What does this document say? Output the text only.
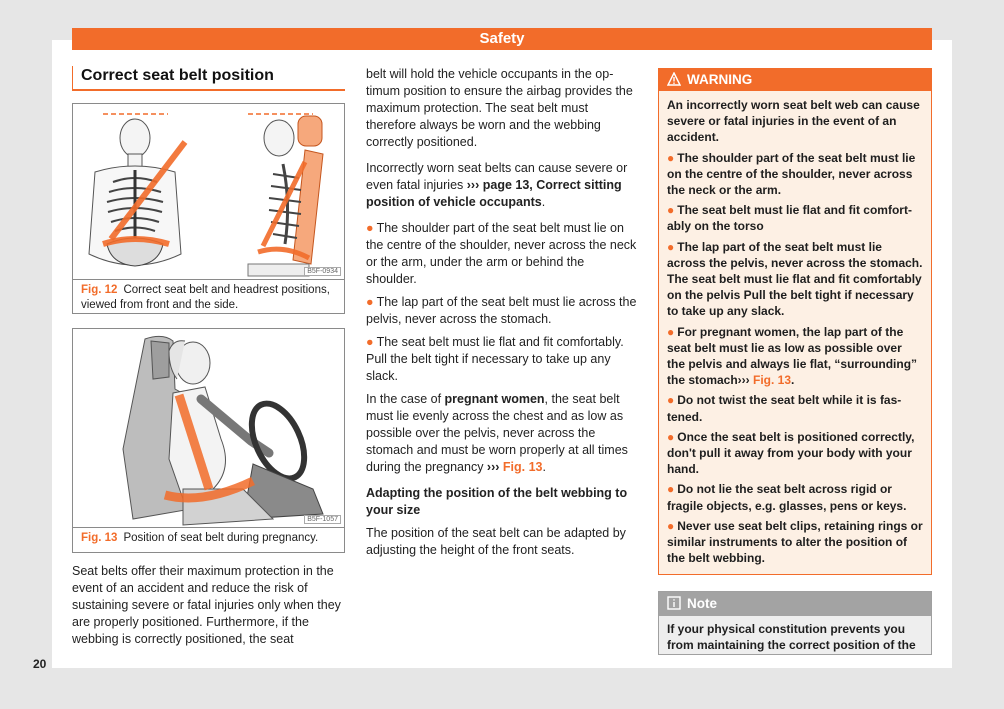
Safety
20
Correct seat belt position
B5F-0934
Fig. 12 Correct seat belt and headrest positions, viewed from front and the side.
B5F-1057
Fig. 13 Position of seat belt during pregnancy.
Seat belts offer their maximum protection in the event of an accident and reduce the risk of sustaining severe or fatal injuries only when they are properly positioned. Furthermore, if the webbing is correctly positioned, the seat

belt will hold the vehicle occupants in the optimum position to ensure the airbag provides the maximum protection. The seat belt must therefore always be worn and the webbing correctly positioned.

Incorrectly worn seat belts can cause severe or even fatal injuries ››› page 13, Correct sitting position of vehicle occupants.

● The shoulder part of the seat belt must lie on the centre of the shoulder, never across the neck or the arm, under the arm or behind the shoulder.

● The lap part of the seat belt must lie across the pelvis, never across the stomach.

● The seat belt must lie flat and fit comfortably. Pull the belt tight if necessary to take up any slack.

In the case of pregnant women, the seat belt must lie evenly across the chest and as low as possible over the pelvis, never across the stomach and must be worn properly at all times during the pregnancy ››› Fig. 13.

Adapting the position of the belt webbing to your size

The position of the seat belt can be adapted by adjusting the height of the front seats.

WARNING

An incorrectly worn seat belt web can cause severe or fatal injuries in the event of an accident.

● The shoulder part of the seat belt must lie on the centre of the shoulder, never across the neck or the arm.

● The seat belt must lie flat and fit comfortably on the torso

● The lap part of the seat belt must lie across the pelvis, never across the stomach. The seat belt must lie flat and fit comfortably on the pelvis Pull the belt tight if necessary to take up any slack.

● For pregnant women, the lap part of the seat belt must lie as low as possible over the pelvis and always lie flat, “surrounding” the stomach››› Fig. 13.

● Do not twist the seat belt while it is fastened.

● Once the seat belt is positioned correctly, don't pull it away from your body with your hand.

● Do not lie the seat belt across rigid or fragile objects, e.g. glasses, pens or keys.

● Never use seat belt clips, retaining rings or similar instruments to alter the position of the belt webbing.

Note
If your physical constitution prevents you from maintaining the correct position of the
